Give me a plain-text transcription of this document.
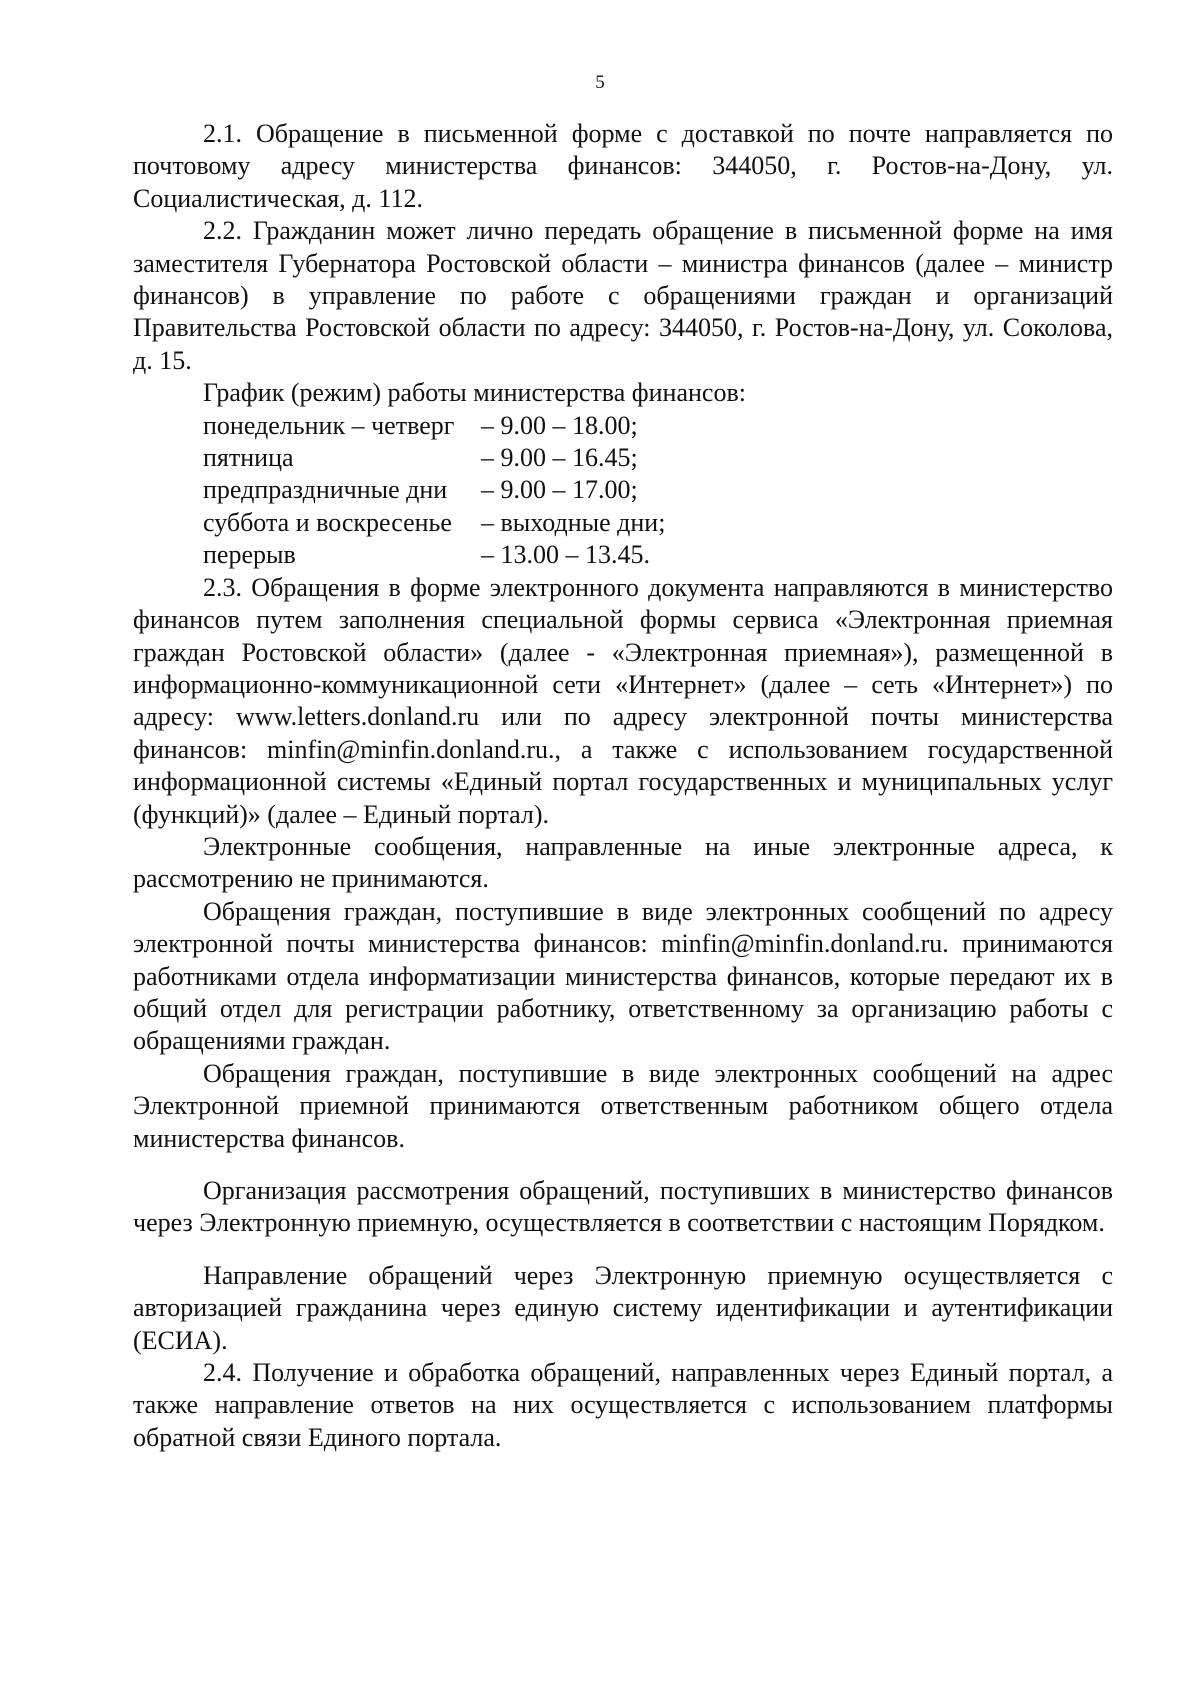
5

2.1. Обращение в письменной форме с доставкой по почте направляется по почтовому адресу министерства финансов: 344050, г. Ростов-на-Дону, ул. Социалистическая, д. 112.

2.2. Гражданин может лично передать обращение в письменной форме на имя заместителя Губернатора Ростовской области – министра финансов (далее – министр финансов) в управление по работе с обращениями граждан и организаций Правительства Ростовской области по адресу: 344050, г. Ростов-на-Дону, ул. Соколова, д. 15.

График (режим) работы министерства финансов:

понедельник – четверг	– 9.00 – 18.00;
пятница	– 9.00 – 16.45;
предпраздничные дни	– 9.00 – 17.00;
суббота и воскресенье	– выходные дни;
перерыв	– 13.00 – 13.45.

2.3. Обращения в форме электронного документа направляются в министерство финансов путем заполнения специальной формы сервиса «Электронная приемная граждан Ростовской области» (далее - «Электронная приемная»), размещенной в информационно-коммуникационной сети «Интернет» (далее – сеть «Интернет») по адресу: www.letters.donland.ru или по адресу электронной почты министерства финансов: minfin@minfin.donland.ru., а также с использованием государственной информационной системы «Единый портал государственных и муниципальных услуг (функций)» (далее – Единый портал).

Электронные сообщения, направленные на иные электронные адреса, к рассмотрению не принимаются.

Обращения граждан, поступившие в виде электронных сообщений по адресу электронной почты министерства финансов: minfin@minfin.donland.ru. принимаются работниками отдела информатизации министерства финансов, которые передают их в общий отдел для регистрации работнику, ответственному за организацию работы с обращениями граждан.

Обращения граждан, поступившие в виде электронных сообщений на адрес Электронной приемной принимаются ответственным работником общего отдела министерства финансов.

Организация рассмотрения обращений, поступивших в министерство финансов через Электронную приемную, осуществляется в соответствии с настоящим Порядком.

Направление обращений через Электронную приемную осуществляется с авторизацией гражданина через единую систему идентификации и аутентификации (ЕСИА).

2.4. Получение и обработка обращений, направленных через Единый портал, а также направление ответов на них осуществляется с использованием платформы обратной связи Единого портала.
